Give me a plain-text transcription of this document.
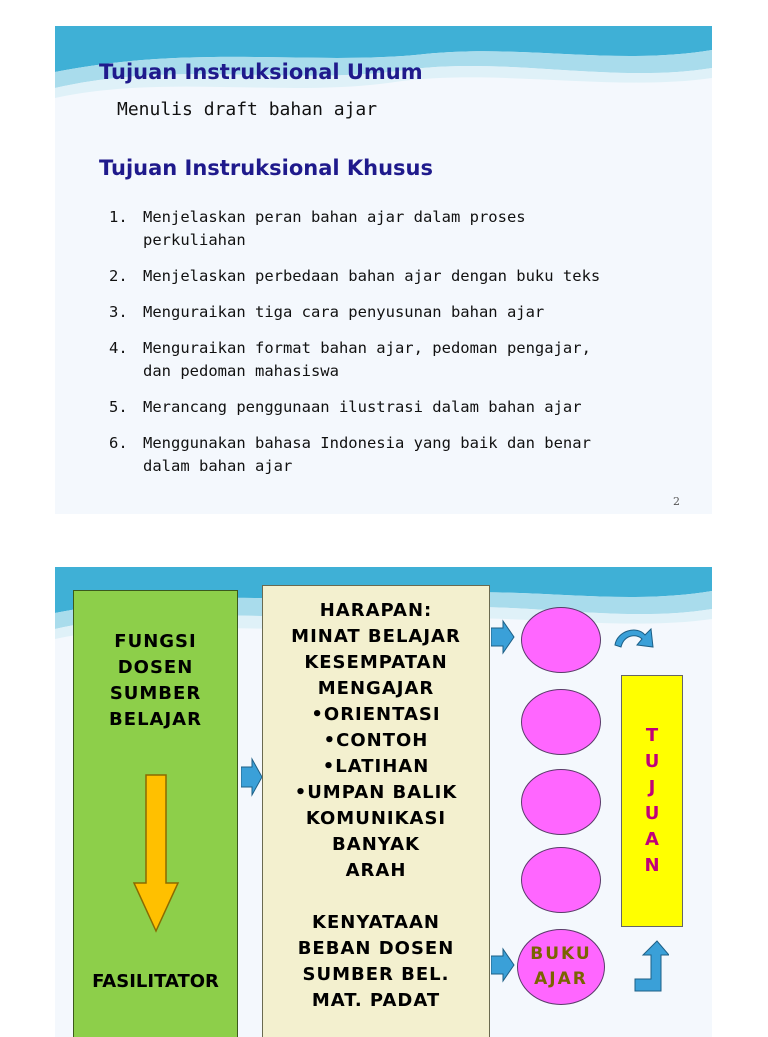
Tujuan Instruksional Umum

Menulis draft bahan ajar

Tujuan Instruksional Khusus
1. Menjelaskan peran bahan ajar dalam proses
perkuliahan
2. Menjelaskan perbedaan bahan ajar dengan buku teks
3. Menguraikan tiga cara penyusunan bahan ajar
4. Menguraikan format bahan ajar, pedoman pengajar,
dan pedoman mahasiswa
5. Merancang penggunaan ilustrasi dalam bahan ajar
6. Menggunakan bahasa Indonesia yang baik dan benar
dalam bahan ajar
2

FUNGSI
DOSEN
SUMBER
BELAJAR

FASILITATOR

HARAPAN:
MINAT BELAJAR
KESEMPATAN
MENGAJAR
•ORIENTASI
•CONTOH
•LATIHAN
•UMPAN BALIK
KOMUNIKASI
BANYAK
ARAH

KENYATAAN
BEBAN DOSEN
SUMBER BEL.
MAT. PADAT

BUKU
AJAR
T
U
J
U
A
N
